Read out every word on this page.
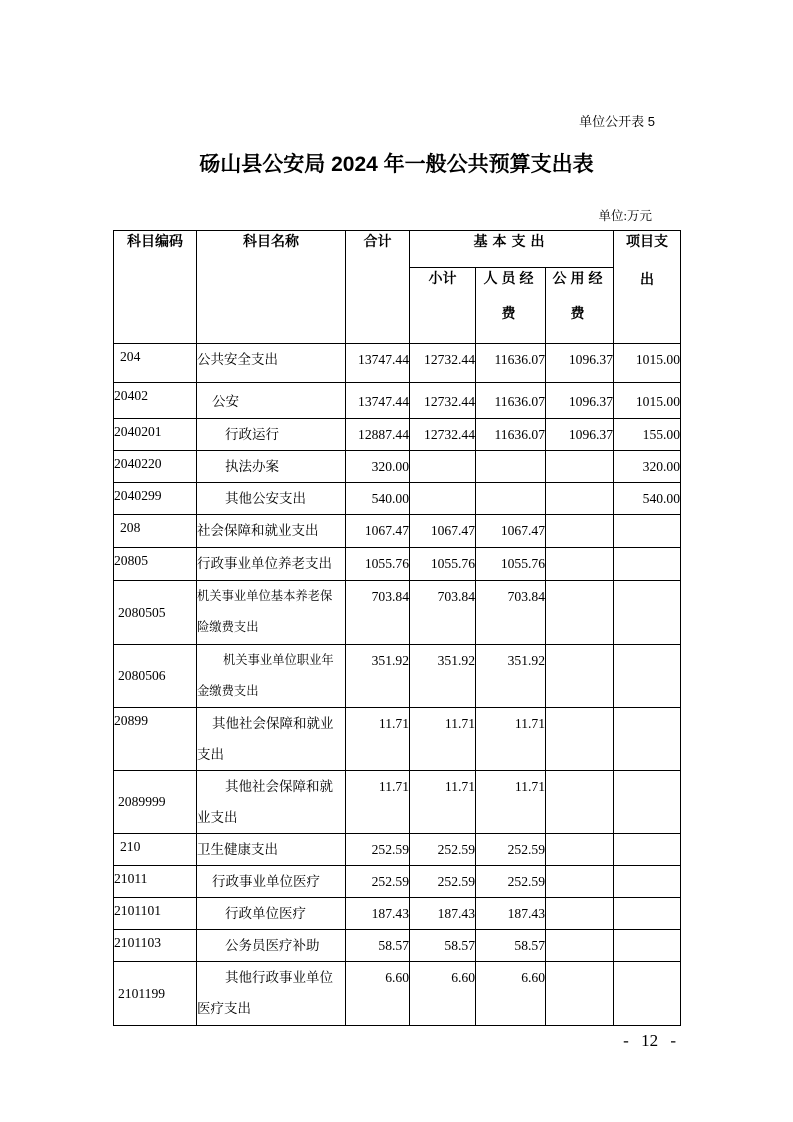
单位公开表 5
砀山县公安局 2024 年一般公共预算支出表
单位:万元
科目编码	科目名称	合计	基本支出			项目支
出

			小计	人员经
费	公用经
费	

204	公共安全支出	13747.44	12732.44	11636.07	1096.37	1015.00
20402	公安	13747.44	12732.44	11636.07	1096.37	1015.00
2040201	行政运行	12887.44	12732.44	11636.07	1096.37	155.00
2040220	执法办案	320.00				320.00
2040299	其他公安支出	540.00				540.00
208	社会保障和就业支出	1067.47	1067.47	1067.47		
20805	行政事业单位养老支出	1055.76	1055.76	1055.76		
2080505	机关事业单位基本养老保
险缴费支出	703.84	703.84	703.84		
2080506	机关事业单位职业年
金缴费支出	351.92	351.92	351.92		
20899	其他社会保障和就业
支出	11.71	11.71	11.71		
2089999	其他社会保障和就
业支出	11.71	11.71	11.71		
210	卫生健康支出	252.59	252.59	252.59		
21011	行政事业单位医疗	252.59	252.59	252.59		
2101101	行政单位医疗	187.43	187.43	187.43		
2101103	公务员医疗补助	58.57	58.57	58.57		
2101199	其他行政事业单位
医疗支出	6.60	6.60	6.60		
- 12 -
